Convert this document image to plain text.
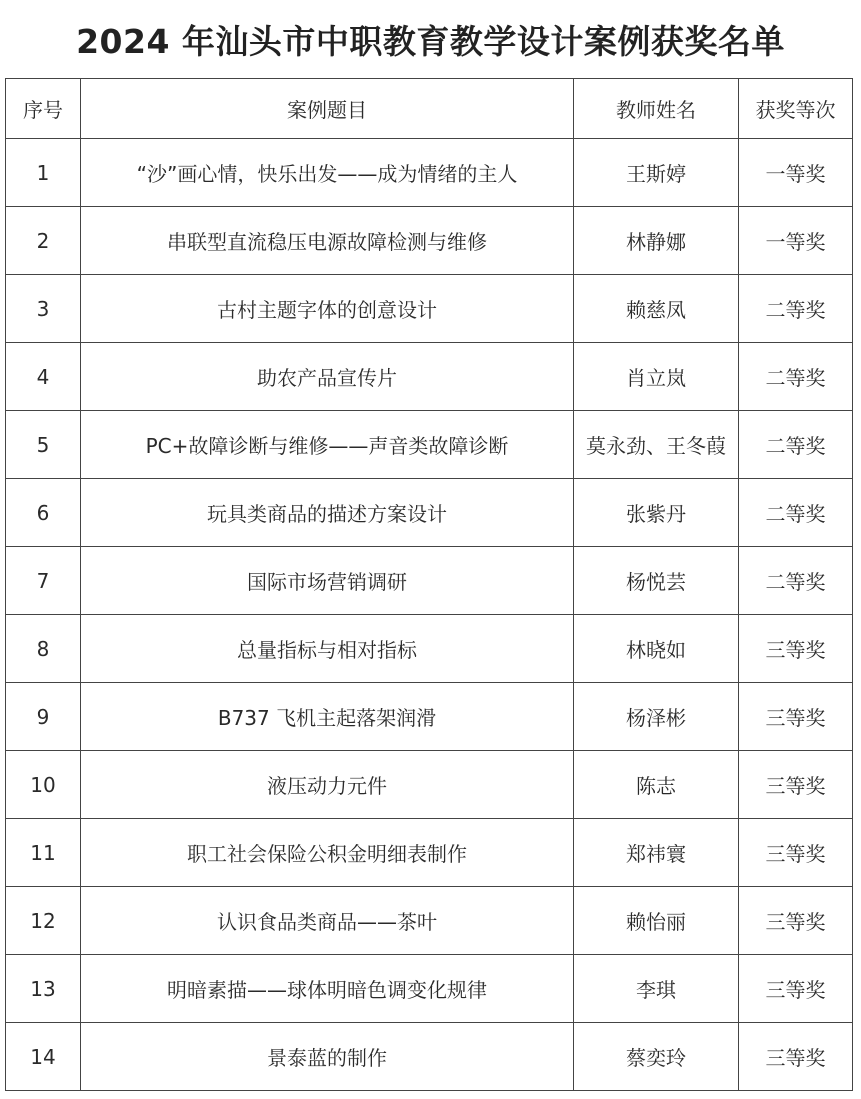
2024 年汕头市中职教育教学设计案例获奖名单
序号	案例题目	教师姓名	获奖等次
1	“沙”画心情，快乐出发——成为情绪的主人	王斯婷	一等奖
2	串联型直流稳压电源故障检测与维修	林静娜	一等奖
3	古村主题字体的创意设计	赖慈凤	二等奖
4	助农产品宣传片	肖立岚	二等奖
5	PC+故障诊断与维修——声音类故障诊断	莫永劲、王冬葭	二等奖
6	玩具类商品的描述方案设计	张紫丹	二等奖
7	国际市场营销调研	杨悦芸	二等奖
8	总量指标与相对指标	林晓如	三等奖
9	B737 飞机主起落架润滑	杨泽彬	三等奖
10	液压动力元件	陈志	三等奖
11	职工社会保险公积金明细表制作	郑祎寰	三等奖
12	认识食品类商品——茶叶	赖怡丽	三等奖
13	明暗素描——球体明暗色调变化规律	李琪	三等奖
14	景泰蓝的制作	蔡奕玲	三等奖
